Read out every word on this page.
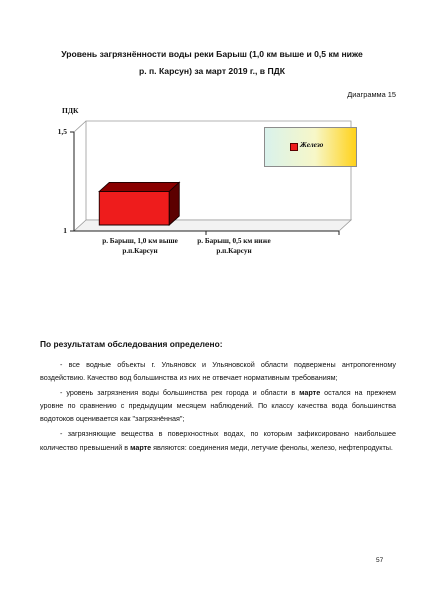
Уровень загрязнённости воды реки Барыш (1,0 км выше и 0,5 км ниже
р. п. Карсун) за март 2019 г., в ПДК
Диаграмма 15
ПДК
1,5
1
р. Барыш, 1,0 км выше
р.п.Карсун
р. Барыш, 0,5 км ниже
р.п.Карсун
Железо
По результатам обследования определено:

- все водные объекты г. Ульяновск и Ульяновской области подвержены антропогенному воздействию. Качество вод большинства из них не отвечает нормативным требованиям;

- уровень загрязнения воды большинства рек города и области в марте остался на прежнем уровне по сравнению с предыдущим месяцем наблюдений. По классу качества вода большинства водотоков оценивается как "загрязнённая";

- загрязняющие вещества в поверхностных водах, по которым зафиксировано наибольшее количество превышений в марте являются: соединения меди, летучие фенолы, железо, нефтепродукты.

57
